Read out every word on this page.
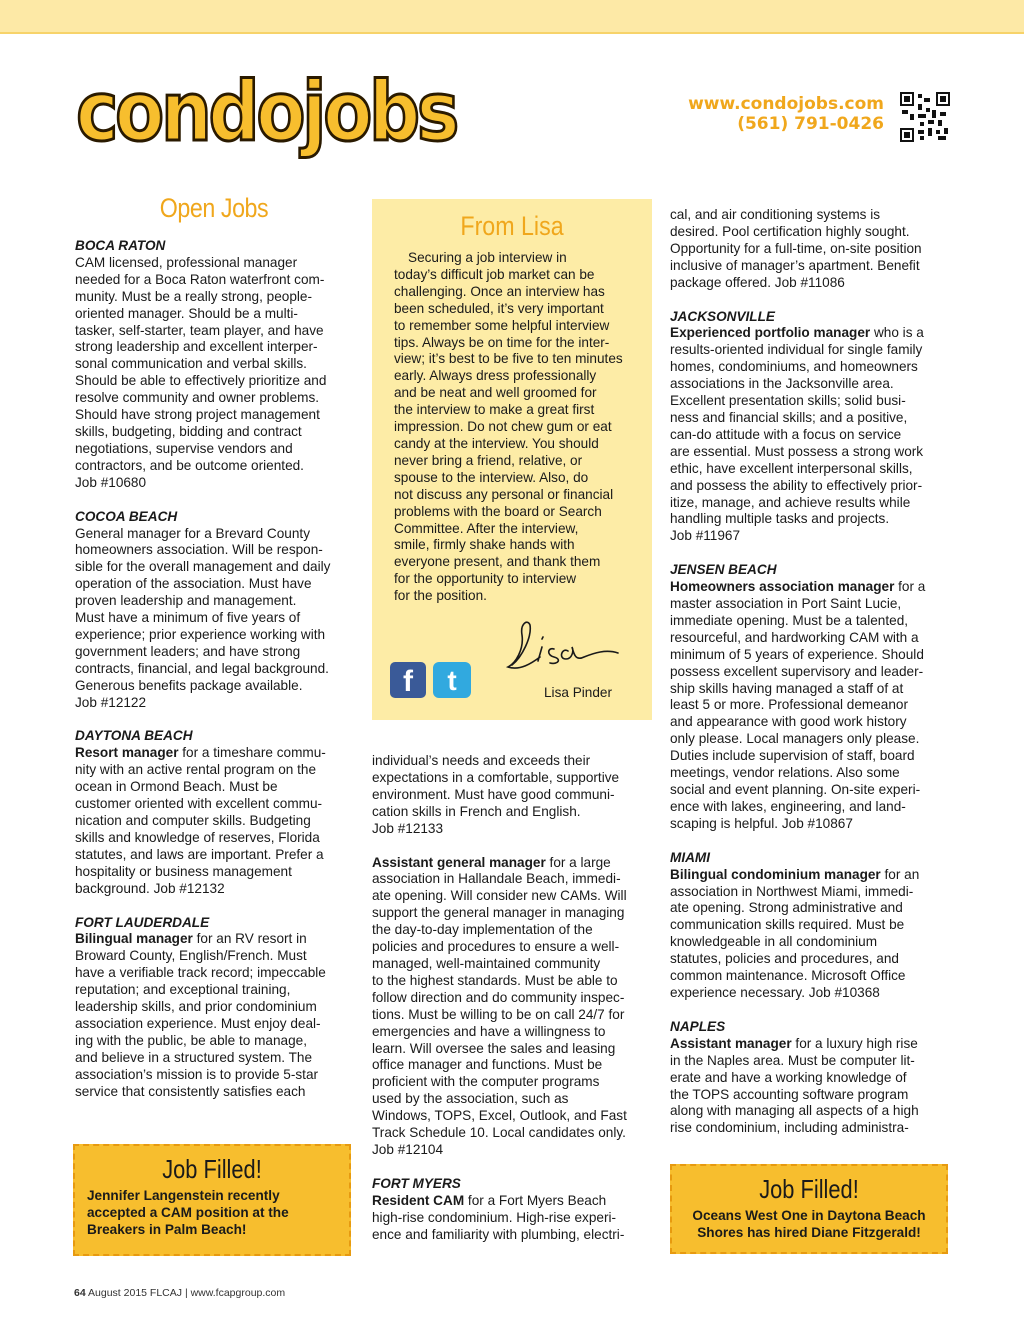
condojobs	www.condojobs.com
(561) 791-0426
Open Jobs

BOCA RATON

CAM licensed, professional manager

needed for a Boca Raton waterfront com-

munity. Must be a really strong, people-

oriented manager. Should be a multi-

tasker, self-starter, team player, and have

strong leadership and excellent interper-

sonal communication and verbal skills.

Should be able to effectively prioritize and

resolve community and owner problems.

Should have strong project management

skills, budgeting, bidding and contract

negotiations, supervise vendors and

contractors, and be outcome oriented.

Job #10680

COCOA BEACH

General manager for a Brevard County

homeowners association. Will be respon-

sible for the overall management and daily

operation of the association. Must have

proven leadership and management.

Must have a minimum of five years of

experience; prior experience working with

government leaders; and have strong

contracts, financial, and legal background.

Generous benefits package available.

Job #12122

DAYTONA BEACH

Resort manager for a timeshare commu-

nity with an active rental program on the

ocean in Ormond Beach. Must be

customer oriented with excellent commu-

nication and computer skills. Budgeting

skills and knowledge of reserves, Florida

statutes, and laws are important. Prefer a

hospitality or business management

background. Job #12132

FORT LAUDERDALE

Bilingual manager for an RV resort in

Broward County, English/French. Must

have a verifiable track record; impeccable

reputation; and exceptional training,

leadership skills, and prior condominium

association experience. Must enjoy deal-

ing with the public, be able to manage,

and believe in a structured system. The

association’s mission is to provide 5-star

service that consistently satisfies each

From Lisa

Securing a job interview in

today’s difficult job market can be

challenging. Once an interview has

been scheduled, it’s very important

to remember some helpful interview

tips. Always be on time for the inter-

view; it’s best to be five to ten minutes

early. Always dress professionally

and be neat and well groomed for

the interview to make a great first

impression. Do not chew gum or eat

candy at the interview. You should

never bring a friend, relative, or

spouse to the interview. Also, do

not discuss any personal or financial

problems with the board or Search

Committee. After the interview,

smile, firmly shake hands with

everyone present, and thank them

for the opportunity to interview

for the position.

f	t	Lisa Pinder

individual’s needs and exceeds their

expectations in a comfortable, supportive

environment. Must have good communi-

cation skills in French and English.

Job #12133

Assistant general manager for a large

association in Hallandale Beach, immedi-

ate opening. Will consider new CAMs. Will

support the general manager in managing

the day-to-day implementation of the

policies and procedures to ensure a well-

managed, well-maintained community

to the highest standards. Must be able to

follow direction and do community inspec-

tions. Must be willing to be on call 24/7 for

emergencies and have a willingness to

learn. Will oversee the sales and leasing

office manager and functions. Must be

proficient with the computer programs

used by the association, such as

Windows, TOPS, Excel, Outlook, and Fast

Track Schedule 10. Local candidates only.

Job #12104

FORT MYERS

Resident CAM for a Fort Myers Beach

high-rise condominium. High-rise experi-

ence and familiarity with plumbing, electri-

cal, and air conditioning systems is

desired. Pool certification highly sought.

Opportunity for a full-time, on-site position

inclusive of manager’s apartment. Benefit

package offered. Job #11086

JACKSONVILLE

Experienced portfolio manager who is a

results-oriented individual for single family

homes, condominiums, and homeowners

associations in the Jacksonville area.

Excellent presentation skills; solid busi-

ness and financial skills; and a positive,

can-do attitude with a focus on service

are essential. Must possess a strong work

ethic, have excellent interpersonal skills,

and possess the ability to effectively prior-

itize, manage, and achieve results while

handling multiple tasks and projects.

Job #11967

JENSEN BEACH

Homeowners association manager for a

master association in Port Saint Lucie,

immediate opening. Must be a talented,

resourceful, and hardworking CAM with a

minimum of 5 years of experience. Should

possess excellent supervisory and leader-

ship skills having managed a staff of at

least 5 or more. Professional demeanor

and appearance with good work history

only please. Local managers only please.

Duties include supervision of staff, board

meetings, vendor relations. Also some

social and event planning. On-site experi-

ence with lakes, engineering, and land-

scaping is helpful. Job #10867

MIAMI

Bilingual condominium manager for an

association in Northwest Miami, immedi-

ate opening. Strong administrative and

communication skills required. Must be

knowledgeable in all condominium

statutes, policies and procedures, and

common maintenance. Microsoft Office

experience necessary. Job #10368

NAPLES

Assistant manager for a luxury high rise

in the Naples area. Must be computer lit-

erate and have a working knowledge of

the TOPS accounting software program

along with managing all aspects of a high

rise condominium, including administra-

Job Filled!
Jennifer Langenstein recently
accepted a CAM position at the
Breakers in Palm Beach!
Job Filled!
Oceans West One in Daytona Beach
Shores has hired Diane Fitzgerald!
64 August 2015 FLCAJ | www.fcapgroup.com
